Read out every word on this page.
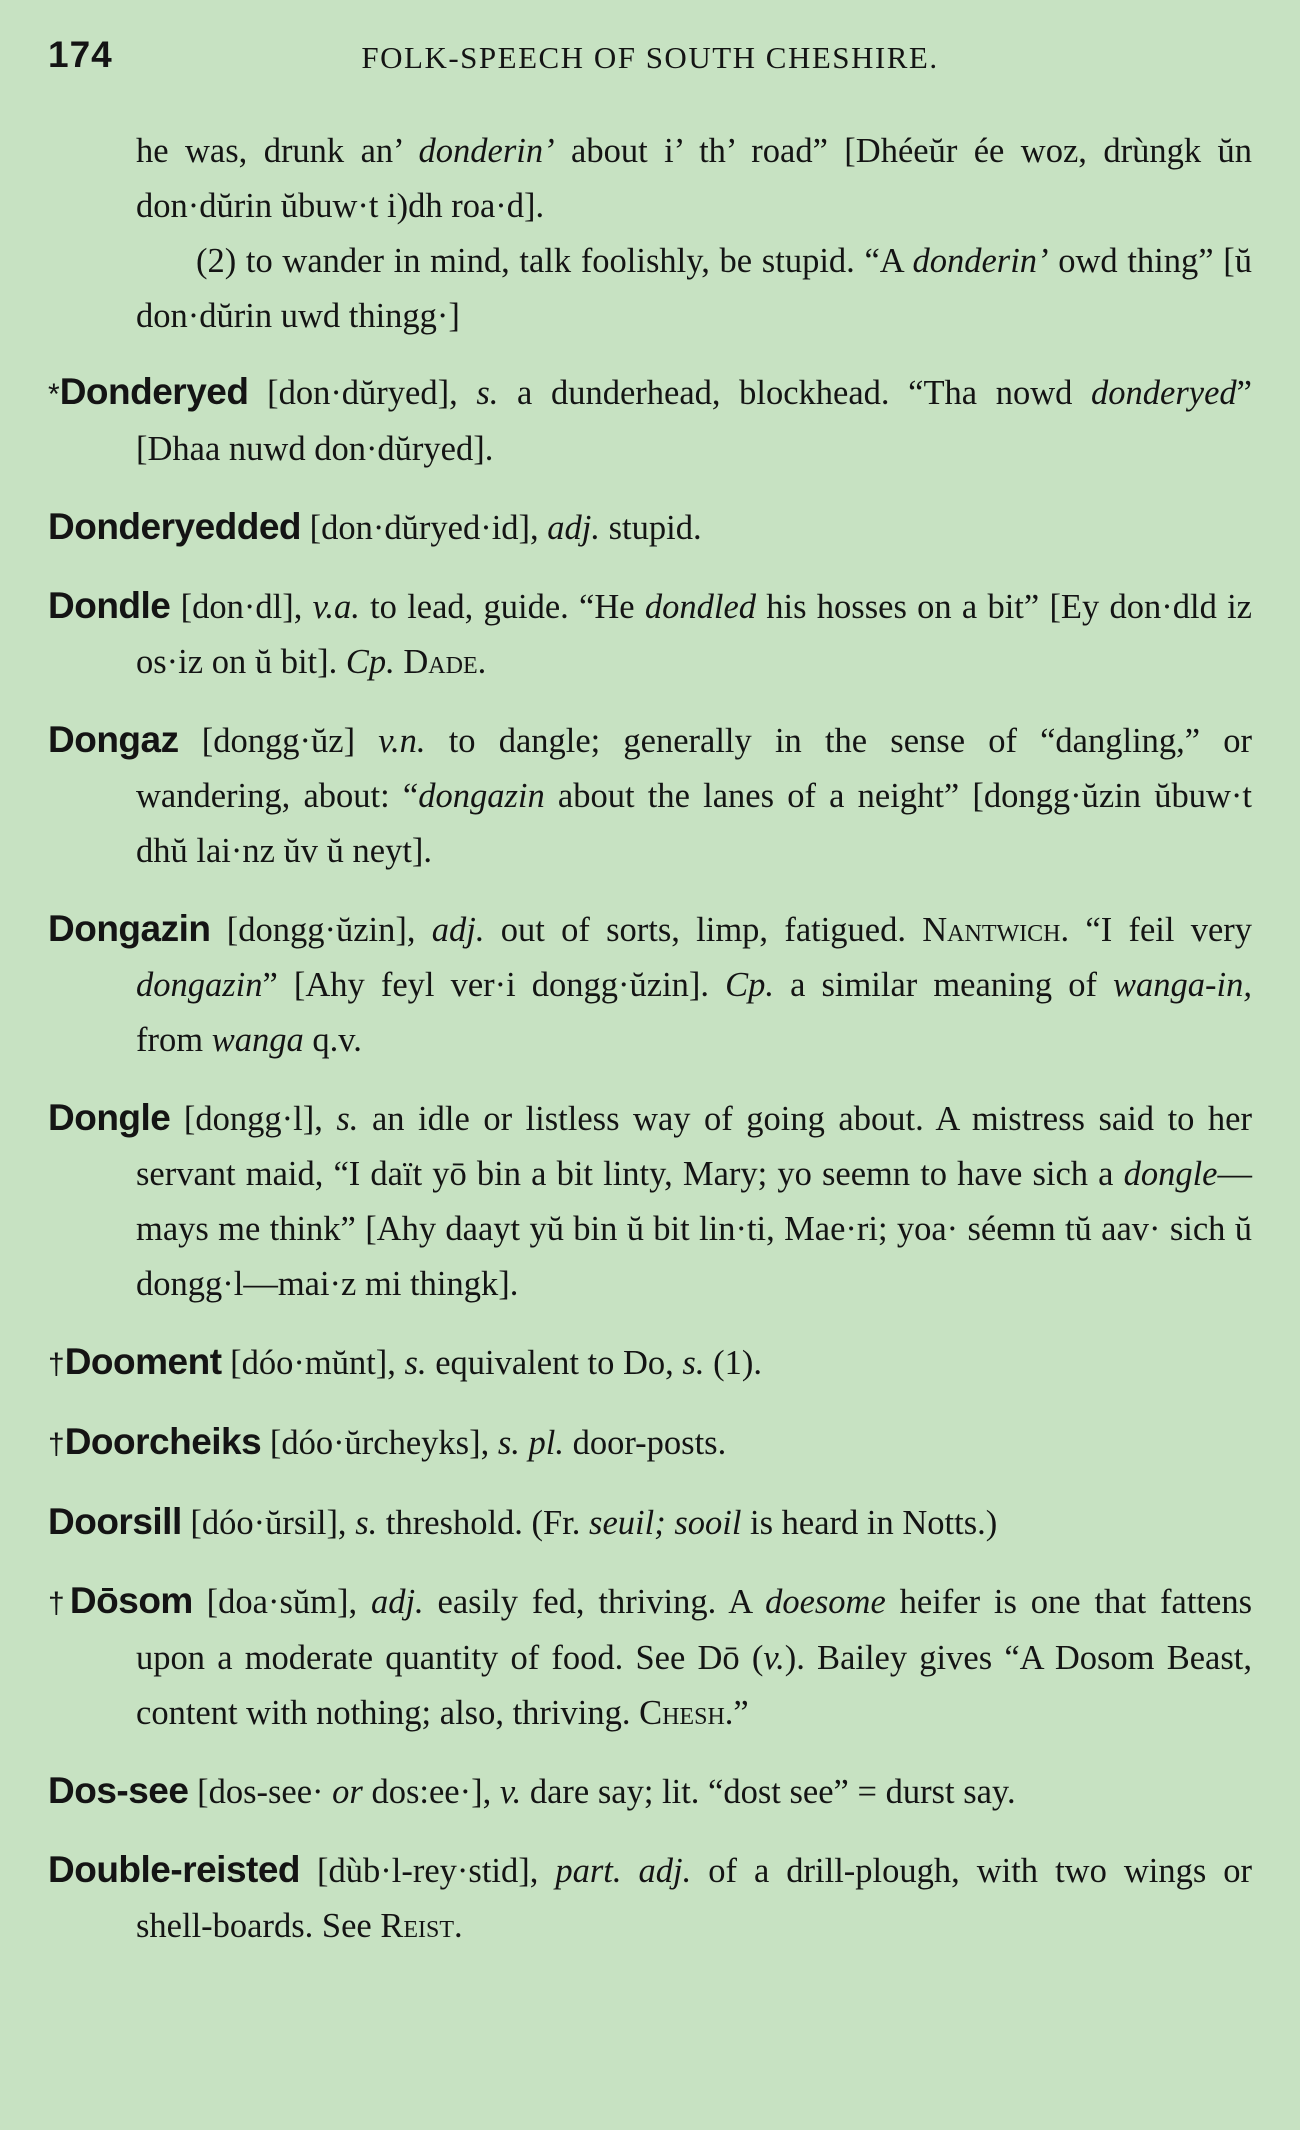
174	FOLK-SPEECH OF SOUTH CHESHIRE.

he was, drunk an’ donderin’ about i’ th’ road” [Dhéeŭr ée woz, drùngk ŭn don·dŭrin ŭbuw·t i)dh roa·d].

(2) to wander in mind, talk foolishly, be stupid. “A donderin’ owd thing” [ŭ don·dŭrin uwd thingg·]

*Donderyed [don·dŭryed], s. a dunderhead, blockhead. “Tha nowd donderyed” [Dhaa nuwd don·dŭryed].

Donderyedded [don·dŭryed·id], adj. stupid.

Dondle [don·dl], v.a. to lead, guide. “He dondled his hosses on a bit” [Ey don·dld iz os·iz on ŭ bit]. Cp. Dade.

Dongaz [dongg·ŭz] v.n. to dangle; generally in the sense of “dangling,” or wandering, about: “dongazin about the lanes of a neight” [dongg·ŭzin ŭbuw·t dhŭ lai·nz ŭv ŭ neyt].

Dongazin [dongg·ŭzin], adj. out of sorts, limp, fatigued. Nantwich. “I feil very dongazin” [Ahy feyl ver·i dongg·ŭzin]. Cp. a similar meaning of wanga-in, from wanga q.v.

Dongle [dongg·l], s. an idle or listless way of going about. A mistress said to her servant maid, “I daït yō bin a bit linty, Mary; yo seemn to have sich a dongle—mays me think” [Ahy daayt yŭ bin ŭ bit lin·ti, Mae·ri; yoa· séemn tŭ aav· sich ŭ dongg·l—mai·z mi thingk].

†Dooment [dóo·mŭnt], s. equivalent to Do, s. (1).

†Doorcheiks [dóo·ŭrcheyks], s. pl. door-posts.

Doorsill [dóo·ŭrsil], s. threshold. (Fr. seuil; sooil is heard in Notts.)

†Dōsom [doa·sŭm], adj. easily fed, thriving. A doesome heifer is one that fattens upon a moderate quantity of food. See Dō (v.). Bailey gives “A Dosom Beast, content with nothing; also, thriving. Chesh.”

Dos-see [dos-see· or dos:ee·], v. dare say; lit. “dost see” = durst say.

Double-reisted [dùb·l-rey·stid], part. adj. of a drill-plough, with two wings or shell-boards. See Reist.
